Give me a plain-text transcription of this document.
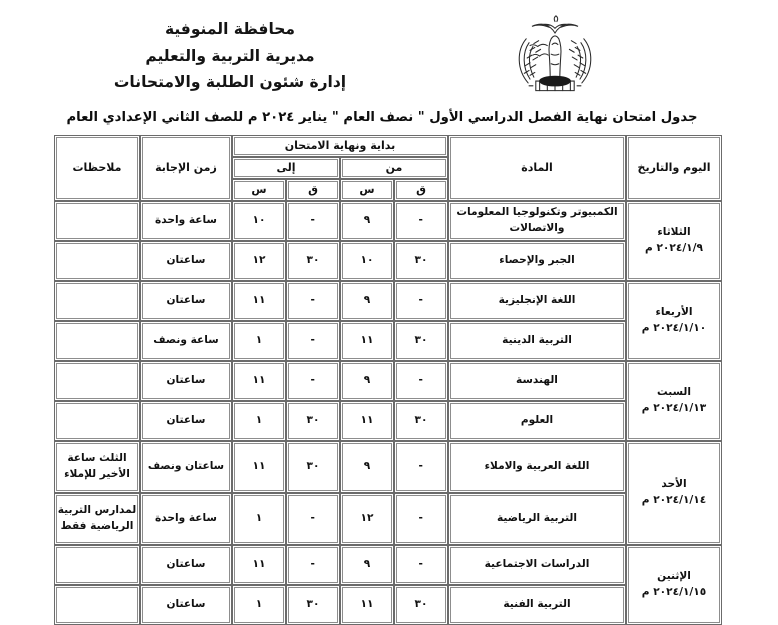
محافظة المنوفية
مديرية التربية والتعليم
إدارة شئون الطلبة والامتحانات
جدول امتحان نهاية الفصل الدراسي الأول " نصف العام " يناير ٢٠٢٤ م للصف الثاني الإعدادي العام
اليوم والتاريخ	المادة	بداية ونهاية الامتحان				زمن الإجابة	ملاحظات
		من		إلى			
		ق	س	ق	س		

الثلاثاء
٢٠٢٤/١/٩ م	الكمبيوتر وتكنولوجيا المعلومات والاتصالات	-	٩	-	١٠	ساعة واحدة	
	الجبر والإحصاء	٣٠	١٠	٣٠	١٢	ساعتان	

الأربعاء
٢٠٢٤/١/١٠ م	اللغة الإنجليزية	-	٩	-	١١	ساعتان	
	التربية الدينية	٣٠	١١	-	١	ساعة ونصف	

السبت
٢٠٢٤/١/١٣ م	الهندسة	-	٩	-	١١	ساعتان	
	العلوم	٣٠	١١	٣٠	١	ساعتان	

الأحد
٢٠٢٤/١/١٤ م	اللغة العربية والاملاء	-	٩	٣٠	١١	ساعتان ونصف	الثلث ساعة الأخير للإملاء
	التربية الرياضية	-	١٢	-	١	ساعة واحدة	لمدارس التربية الرياضية فقط

الإثنين
٢٠٢٤/١/١٥ م	الدراسات الاجتماعية	-	٩	-	١١	ساعتان	
	التربية الفنية	٣٠	١١	٣٠	١	ساعتان	
